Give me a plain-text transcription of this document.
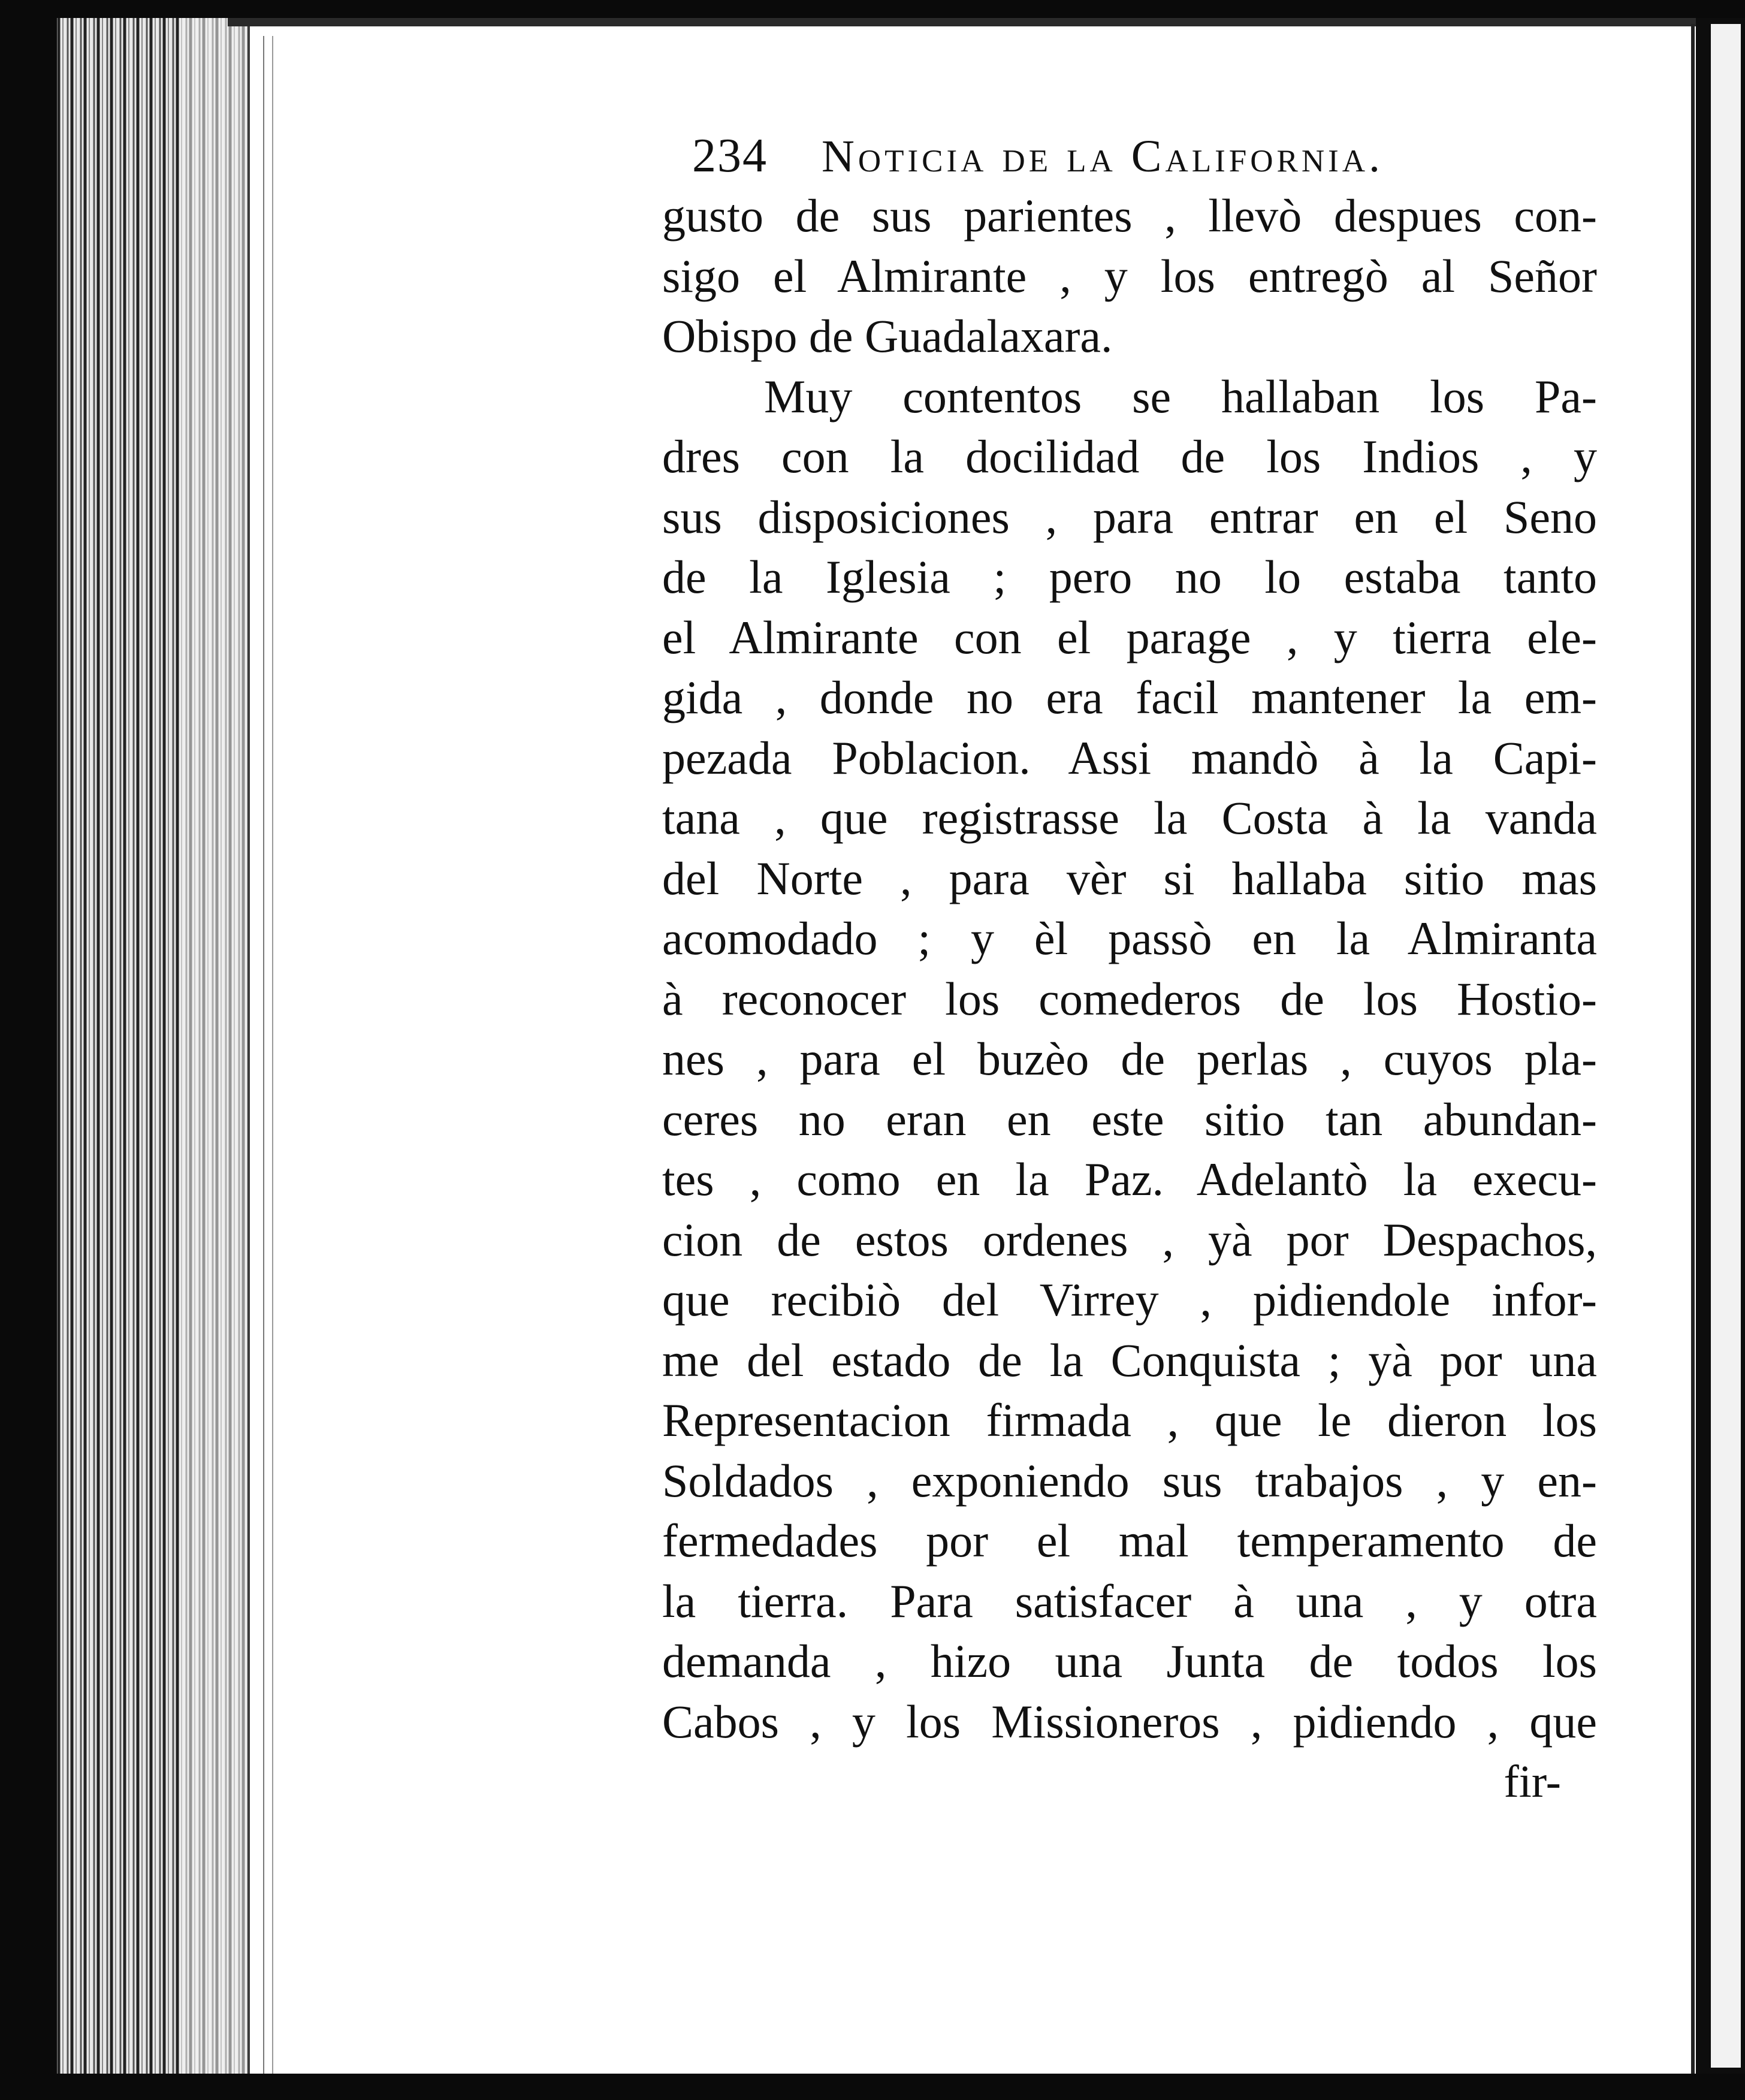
234 Noticia de la California.
gusto de sus parientes , llevò despues con-
sigo el Almirante , y los entregò al Señor
Obispo de Guadalaxara.
Muy contentos se hallaban los Pa-
dres con la docilidad de los Indios , y
sus disposiciones , para entrar en el Seno
de la Iglesia ; pero no lo estaba tanto
el Almirante con el parage , y tierra ele-
gida , donde no era facil mantener la em-
pezada Poblacion. Assi mandò à la Capi-
tana , que registrasse la Costa à la vanda
del Norte , para vèr si hallaba sitio mas
acomodado ; y èl passò en la Almiranta
à reconocer los comederos de los Hostio-
nes , para el buzèo de perlas , cuyos pla-
ceres no eran en este sitio tan abundan-
tes , como en la Paz. Adelantò la execu-
cion de estos ordenes , yà por Despachos,
que recibiò del Virrey , pidiendole infor-
me del estado de la Conquista ; yà por una
Representacion firmada , que le dieron los
Soldados , exponiendo sus trabajos , y en-
fermedades por el mal temperamento de
la tierra. Para satisfacer à una , y otra
demanda , hizo una Junta de todos los
Cabos , y los Missioneros , pidiendo , que
fir-
